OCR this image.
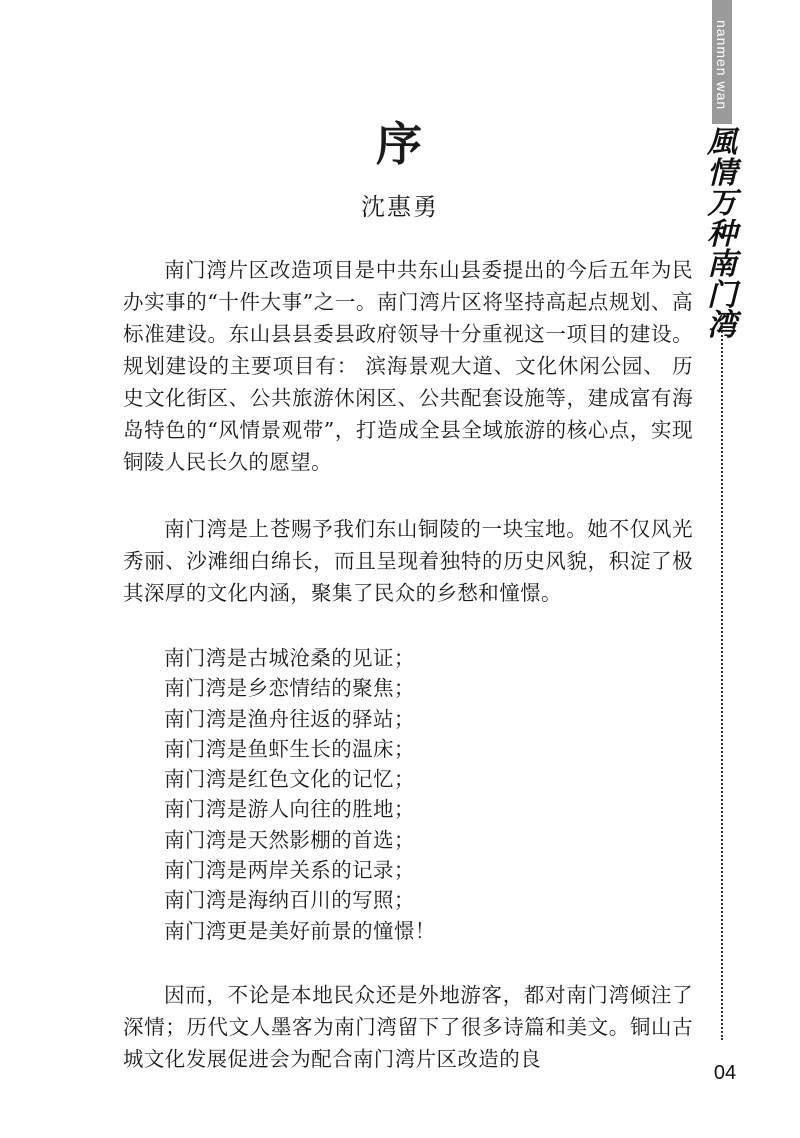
nanmen wan
風情万种南门湾
04
序
沈惠勇

南门湾片区改造项目是中共东山县委提出的今后五年为民办实事的“十件大事”之一。南门湾片区将坚持高起点规划、高标准建设。东山县县委县政府领导十分重视这一项目的建设。规划建设的主要项目有： 滨海景观大道、文化休闲公园、 历史文化街区、公共旅游休闲区、公共配套设施等，建成富有海岛特色的“风情景观带”，打造成全县全域旅游的核心点，实现铜陵人民长久的愿望。

南门湾是上苍赐予我们东山铜陵的一块宝地。她不仅风光秀丽、沙滩细白绵长，而且呈现着独特的历史风貌，积淀了极其深厚的文化内涵，聚集了民众的乡愁和憧憬。

南门湾是古城沧桑的见证；
南门湾是乡恋情结的聚焦；
南门湾是渔舟往返的驿站；
南门湾是鱼虾生长的温床；
南门湾是红色文化的记忆；
南门湾是游人向往的胜地；
南门湾是天然影棚的首选；
南门湾是两岸关系的记录；
南门湾是海纳百川的写照；
南门湾更是美好前景的憧憬！

因而，不论是本地民众还是外地游客，都对南门湾倾注了深情；历代文人墨客为南门湾留下了很多诗篇和美文。铜山古城文化发展促进会为配合南门湾片区改造的良
